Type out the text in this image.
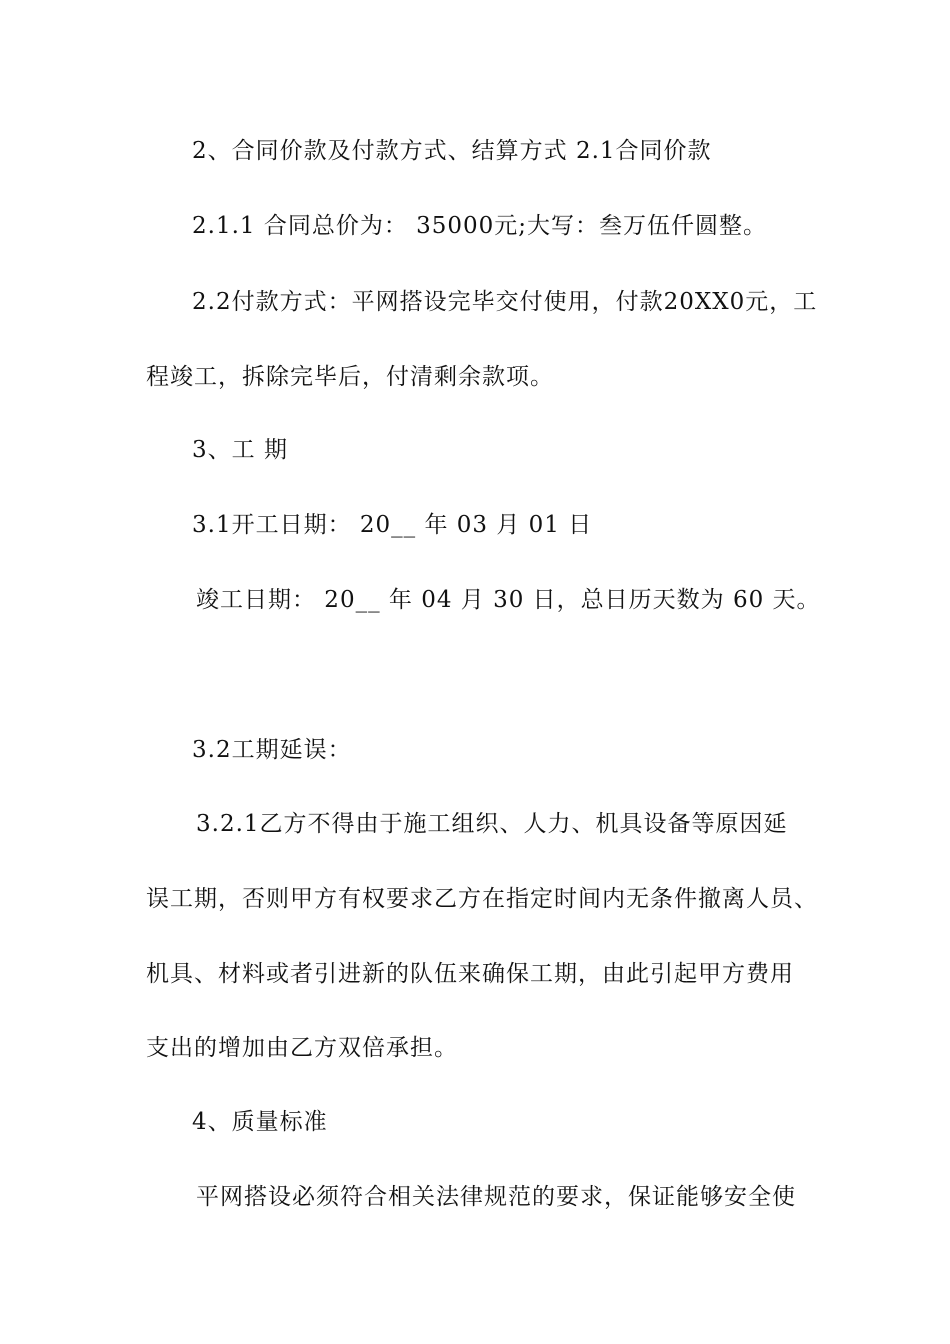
2、合同价款及付款方式、结算方式 2.1合同价款
2.1.1 合同总价为： 35000元;大写：叁万伍仟圆整。
2.2付款方式：平网搭设完毕交付使用，付款20XX0元，工
程竣工，拆除完毕后，付清剩余款项。
3、工 期
3.1开工日期： 20__ 年 03 月 01 日
竣工日期： 20__ 年 04 月 30 日，总日历天数为 60 天。
3.2工期延误：
3.2.1乙方不得由于施工组织、人力、机具设备等原因延
误工期，否则甲方有权要求乙方在指定时间内无条件撤离人员、
机具、材料或者引进新的队伍来确保工期，由此引起甲方费用
支出的增加由乙方双倍承担。
4、质量标准
平网搭设必须符合相关法律规范的要求，保证能够安全使
